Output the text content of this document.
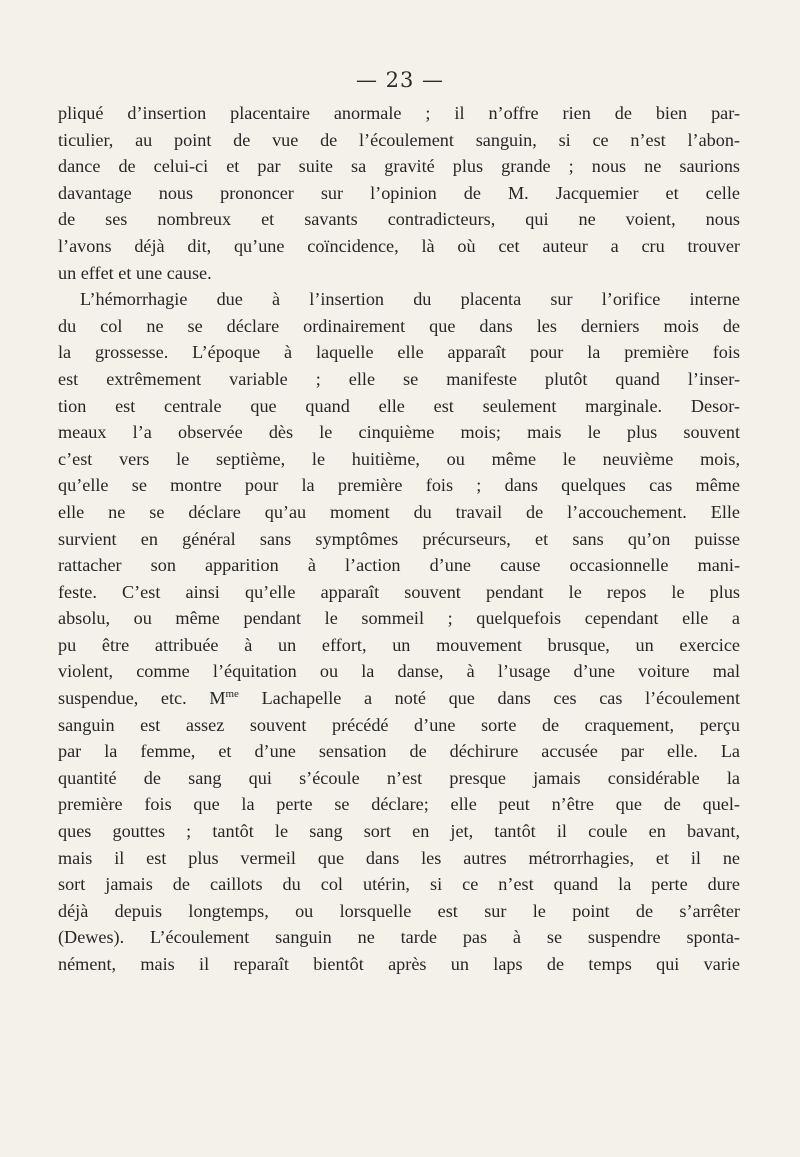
— 23 —
pliqué d’insertion placentaire anormale ; il n’offre rien de bien par-
ticulier, au point de vue de l’écoulement sanguin, si ce n’est l’abon-
dance de celui-ci et par suite sa gravité plus grande ; nous ne saurions
davantage nous prononcer sur l’opinion de M. Jacquemier et celle
de ses nombreux et savants contradicteurs, qui ne voient, nous
l’avons déjà dit, qu’une coïncidence, là où cet auteur a cru trouver
un effet et une cause.
L’hémorrhagie due à l’insertion du placenta sur l’orifice interne
du col ne se déclare ordinairement que dans les derniers mois de
la grossesse. L’époque à laquelle elle apparaît pour la première fois
est extrêmement variable ; elle se manifeste plutôt quand l’inser-
tion est centrale que quand elle est seulement marginale. Desor-
meaux l’a observée dès le cinquième mois; mais le plus souvent
c’est vers le septième, le huitième, ou même le neuvième mois,
qu’elle se montre pour la première fois ; dans quelques cas même
elle ne se déclare qu’au moment du travail de l’accouchement. Elle
survient en général sans symptômes précurseurs, et sans qu’on puisse
rattacher son apparition à l’action d’une cause occasionnelle mani-
feste. C’est ainsi qu’elle apparaît souvent pendant le repos le plus
absolu, ou même pendant le sommeil ; quelquefois cependant elle a
pu être attribuée à un effort, un mouvement brusque, un exercice
violent, comme l’équitation ou la danse, à l’usage d’une voiture mal
suspendue, etc. $M^{me}$ Lachapelle a noté que dans ces cas l’écoulement
sanguin est assez souvent précédé d’une sorte de craquement, perçu
par la femme, et d’une sensation de déchirure accusée par elle. La
quantité de sang qui s’écoule n’est presque jamais considérable la
première fois que la perte se déclare; elle peut n’être que de quel-
ques gouttes ; tantôt le sang sort en jet, tantôt il coule en bavant,
mais il est plus vermeil que dans les autres métrorrhagies, et il ne
sort jamais de caillots du col utérin, si ce n’est quand la perte dure
déjà depuis longtemps, ou lorsquelle est sur le point de s’arrêter
(Dewes). L’écoulement sanguin ne tarde pas à se suspendre sponta-
nément, mais il reparaît bientôt après un laps de temps qui varie
